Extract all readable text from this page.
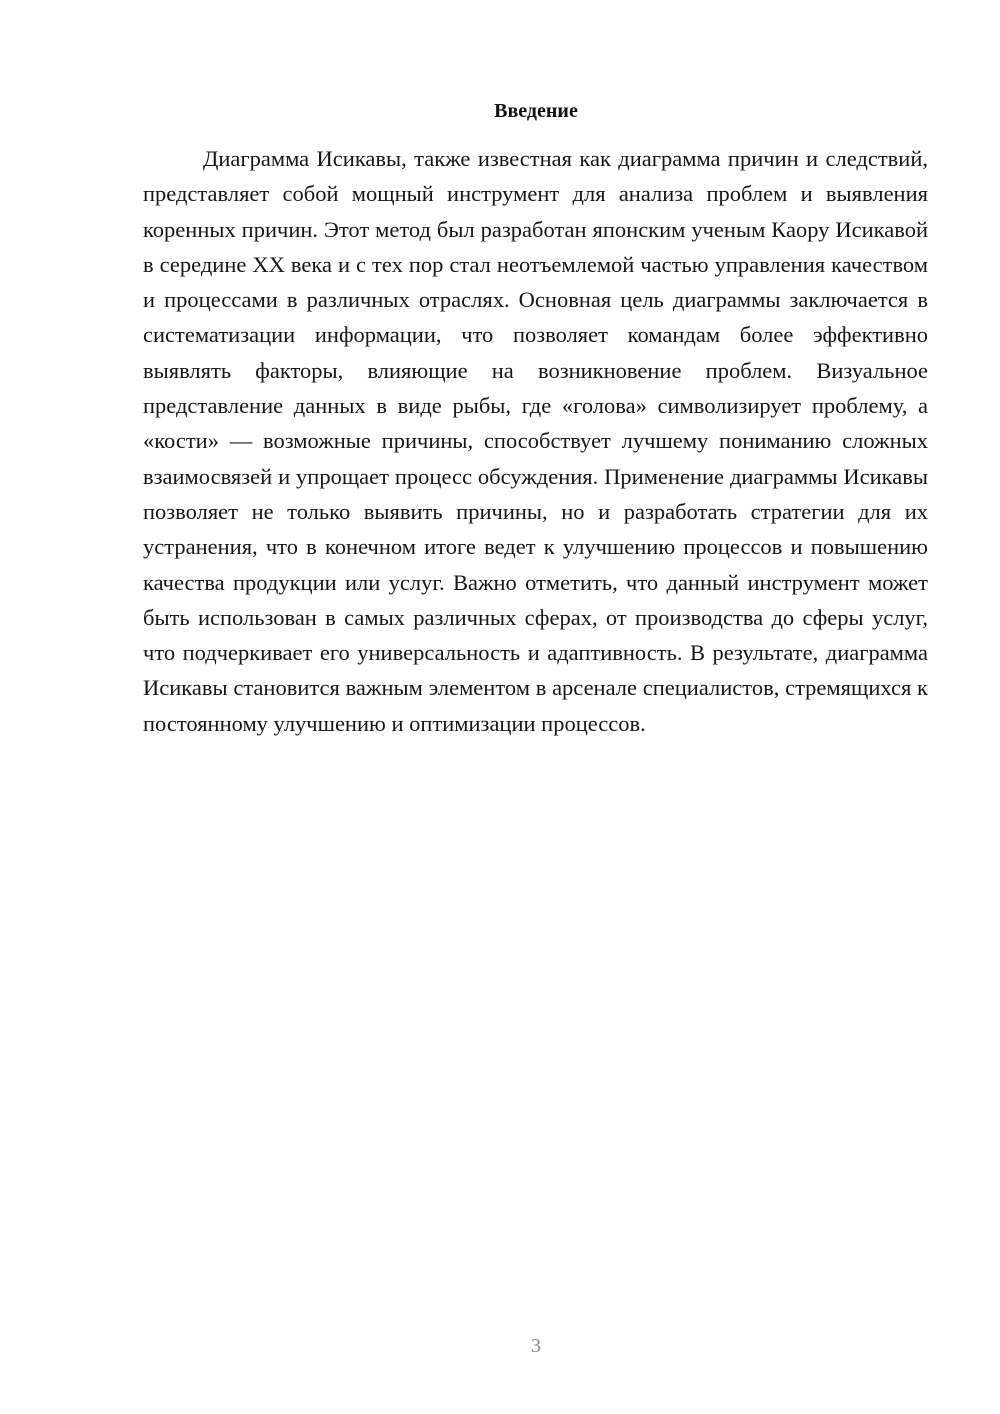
Введение

Диаграмма Исикавы, также известная как диаграмма причин и следствий, представляет собой мощный инструмент для анализа проблем и выявления коренных причин. Этот метод был разработан японским ученым Каору Исикавой в середине XX века и с тех пор стал неотъемлемой частью управления качеством и процессами в различных отраслях. Основная цель диаграммы заключается в систематизации информации, что позволяет командам более эффективно выявлять факторы, влияющие на возникновение проблем. Визуальное представление данных в виде рыбы, где «голова» символизирует проблему, а «кости» — возможные причины, способствует лучшему пониманию сложных взаимосвязей и упрощает процесс обсуждения. Применение диаграммы Исикавы позволяет не только выявить причины, но и разработать стратегии для их устранения, что в конечном итоге ведет к улучшению процессов и повышению качества продукции или услуг. Важно отметить, что данный инструмент может быть использован в самых различных сферах, от производства до сферы услуг, что подчеркивает его универсальность и адаптивность. В результате, диаграмма Исикавы становится важным элементом в арсенале специалистов, стремящихся к постоянному улучшению и оптимизации процессов.

3
